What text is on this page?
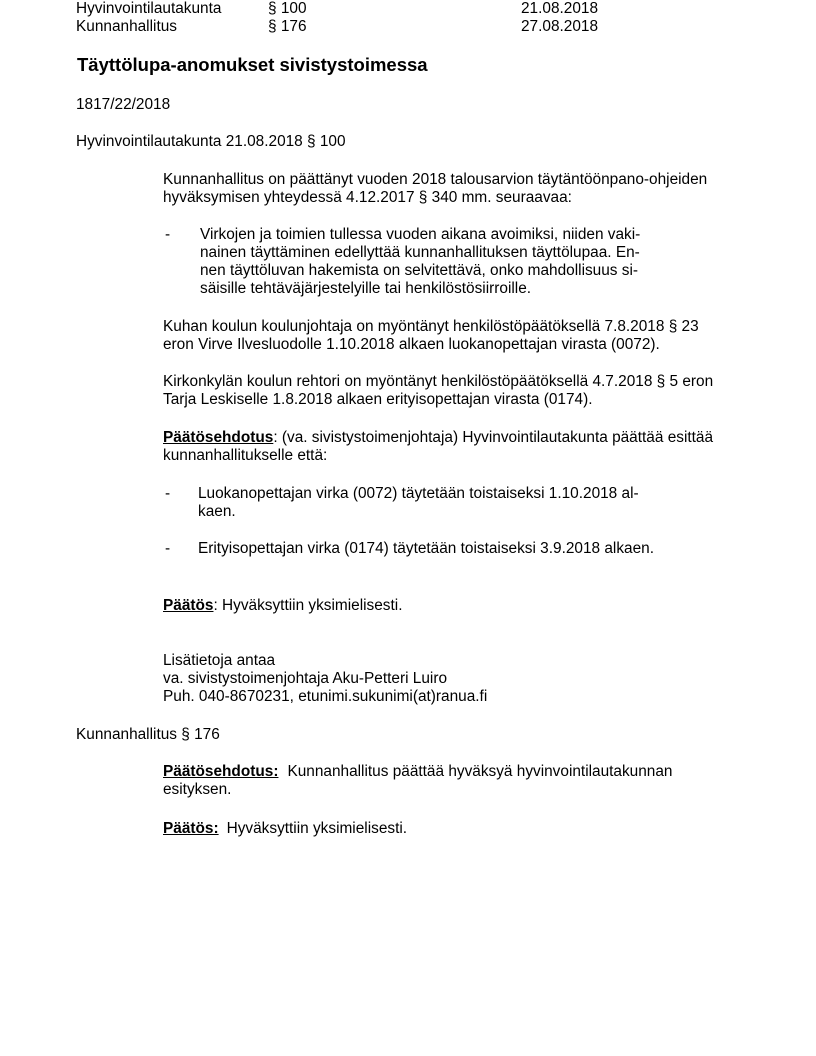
Hyvinvointilautakunta	§ 100	21.08.2018
Kunnanhallitus	§ 176	27.08.2018
Täyttölupa-anomukset sivistystoimessa
1817/22/2018
Hyvinvointilautakunta 21.08.2018 § 100
Kunnanhallitus on päättänyt vuoden 2018 talousarvion täytäntöönpano-ohjeiden
hyväksymisen yhteydessä 4.12.2017 § 340 mm. seuraavaa:
- Virkojen ja toimien tullessa vuoden aikana avoimiksi, niiden vaki-
nainen täyttäminen edellyttää kunnanhallituksen täyttölupaa. En-
nen täyttöluvan hakemista on selvitettävä, onko mahdollisuus si-
säisille tehtäväjärjestelyille tai henkilöstösiirroille.
Kuhan koulun koulunjohtaja on myöntänyt henkilöstöpäätöksellä 7.8.2018 § 23
eron Virve Ilvesluodolle 1.10.2018 alkaen luokanopettajan virasta (0072).
Kirkonkylän koulun rehtori on myöntänyt henkilöstöpäätöksellä 4.7.2018 § 5 eron
Tarja Leskiselle 1.8.2018 alkaen erityisopettajan virasta (0174).
Päätösehdotus: (va. sivistystoimenjohtaja) Hyvinvointilautakunta päättää esittää
kunnanhallitukselle että:
- Luokanopettajan virka (0072) täytetään toistaiseksi 1.10.2018 al-
kaen.
- Erityisopettajan virka (0174) täytetään toistaiseksi 3.9.2018 alkaen.
Päätös: Hyväksyttiin yksimielisesti.
Lisätietoja antaa
va. sivistystoimenjohtaja Aku-Petteri Luiro
Puh. 040-8670231, etunimi.sukunimi(at)ranua.fi
Kunnanhallitus § 176
Päätösehdotus: Kunnanhallitus päättää hyväksyä hyvinvointilautakunnan
esityksen.
Päätös: Hyväksyttiin yksimielisesti.
